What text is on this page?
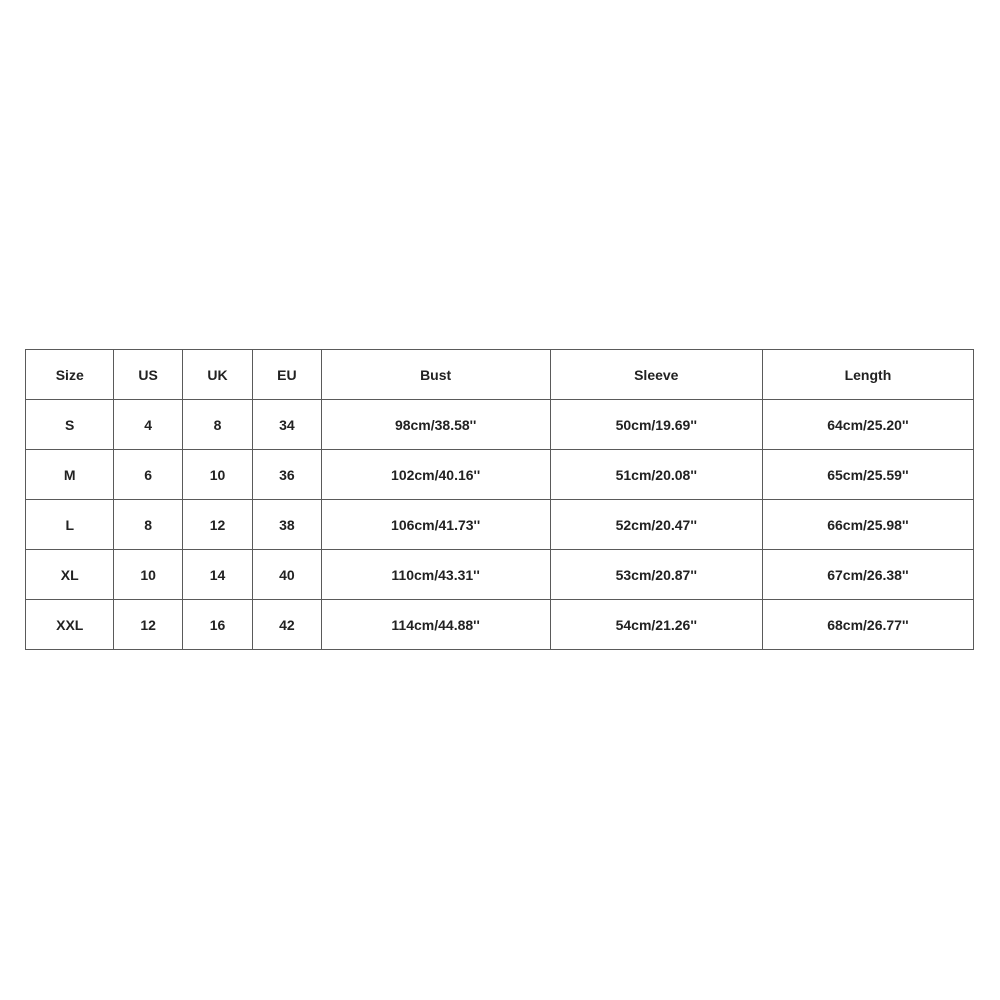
Size	US	UK	EU	Bust	Sleeve	Length
S	4	8	34	98cm/38.58''	50cm/19.69''	64cm/25.20''
M	6	10	36	102cm/40.16''	51cm/20.08''	65cm/25.59''
L	8	12	38	106cm/41.73''	52cm/20.47''	66cm/25.98''
XL	10	14	40	110cm/43.31''	53cm/20.87''	67cm/26.38''
XXL	12	16	42	114cm/44.88''	54cm/21.26''	68cm/26.77''
